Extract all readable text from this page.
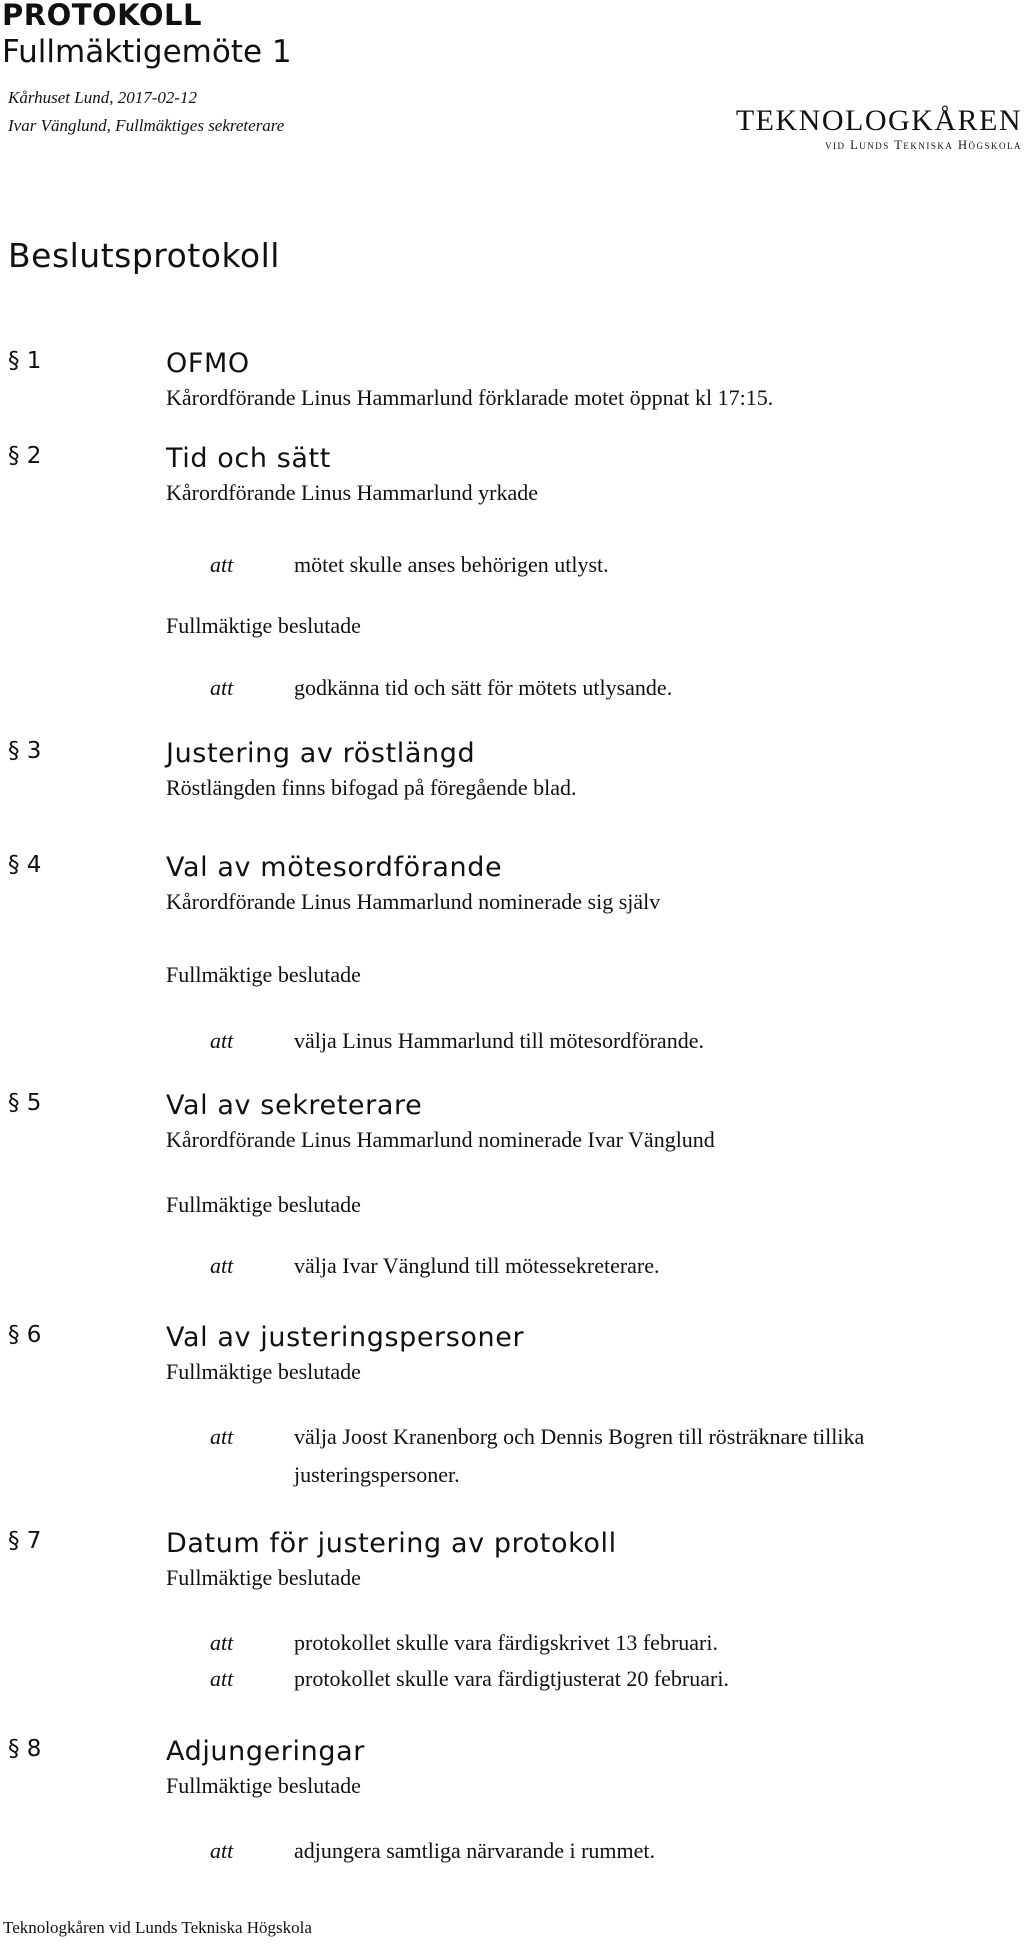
PROTOKOLL
Fullmäktigemöte 1
Kårhuset Lund, 2017-02-12
Ivar Vänglund, Fullmäktiges sekreterare	TEKNOLOGKÅREN
vid Lunds Tekniska Högskola
Beslutsprotokoll
§ 1	OFMO
Kårordförande Linus Hammarlund förklarade motet öppnat kl 17:15.
§ 2	Tid och sätt
Kårordförande Linus Hammarlund yrkade
att	mötet skulle anses behörigen utlyst.
Fullmäktige beslutade
att	godkänna tid och sätt för mötets utlysande.
§ 3	Justering av röstlängd
Röstlängden finns bifogad på föregående blad.
§ 4	Val av mötesordförande
Kårordförande Linus Hammarlund nominerade sig själv
Fullmäktige beslutade
att	välja Linus Hammarlund till mötesordförande.
§ 5	Val av sekreterare
Kårordförande Linus Hammarlund nominerade Ivar Vänglund
Fullmäktige beslutade
att	välja Ivar Vänglund till mötessekreterare.
§ 6	Val av justeringspersoner
Fullmäktige beslutade
att	välja Joost Kranenborg och Dennis Bogren till rösträknare tillika
justeringspersoner.
§ 7	Datum för justering av protokoll
Fullmäktige beslutade
att	protokollet skulle vara färdigskrivet 13 februari.
att	protokollet skulle vara färdigtjusterat 20 februari.
§ 8	Adjungeringar
Fullmäktige beslutade
att	adjungera samtliga närvarande i rummet.
Teknologkåren vid Lunds Tekniska Högskola
